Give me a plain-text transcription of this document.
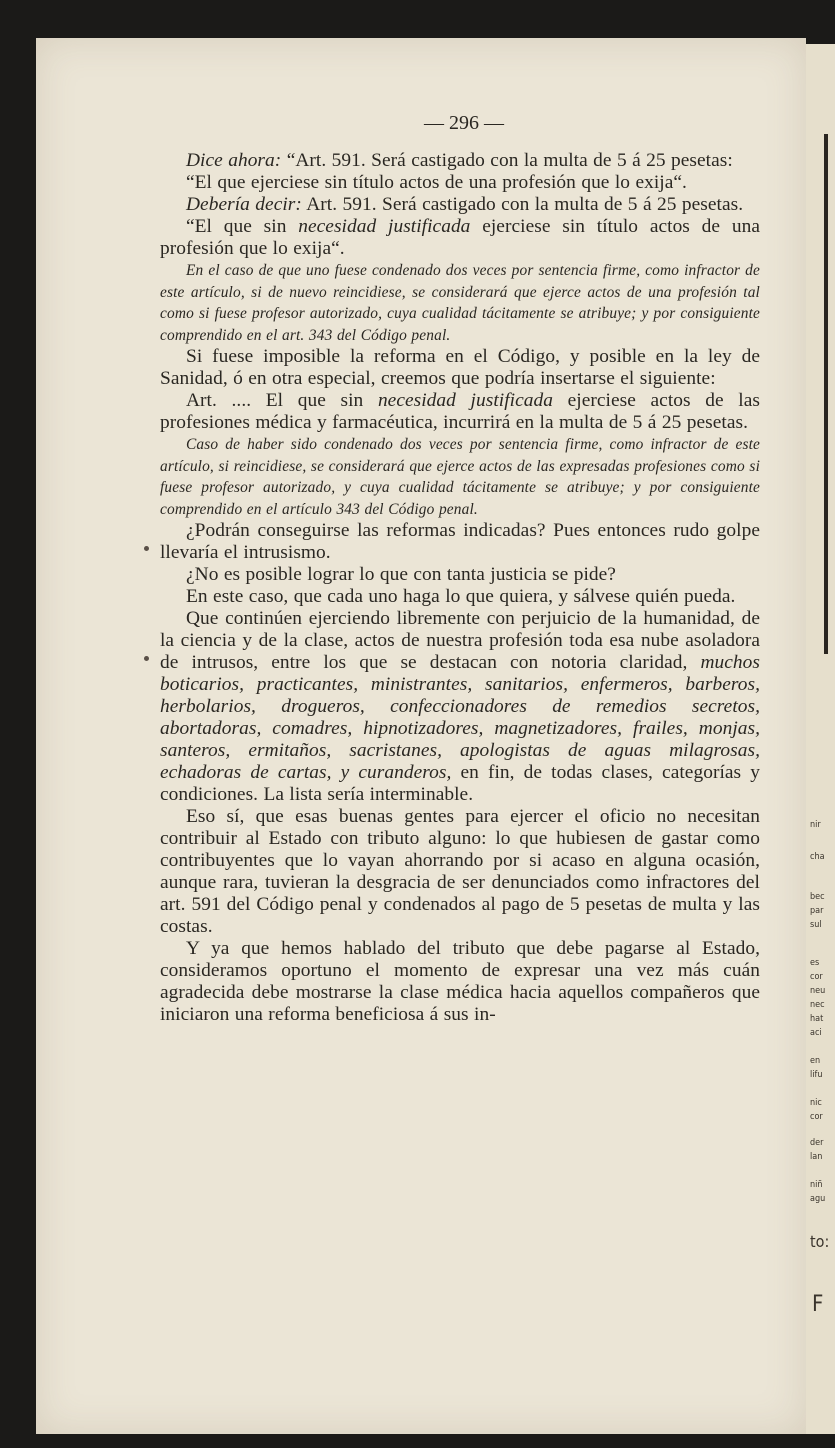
nir
cha
bec
par
sul
es
cor
neu
nec
hat
aci
en
lifu
nic
cor
der
lan
niñ
agu
to:
F
— 296 —

Dice ahora: “Art. 591. Será castigado con la multa de 5 á 25 pesetas:

“El que ejerciese sin título actos de una profesión que lo exija“.

Debería decir: Art. 591. Será castigado con la multa de 5 á 25 pesetas.

“El que sin necesidad justificada ejerciese sin título actos de una profesión que lo exija“.

En el caso de que uno fuese condenado dos veces por sentencia firme, como infractor de este artículo, si de nuevo reincidiese, se considerará que ejerce actos de una profesión tal como si fuese profesor autorizado, cuya cualidad tácitamente se atribuye; y por consiguiente comprendido en el art. 343 del Código penal.

Si fuese imposible la reforma en el Código, y posible en la ley de Sanidad, ó en otra especial, creemos que podría insertarse el siguiente:

Art. .... El que sin necesidad justificada ejerciese actos de las profesiones médica y farmacéutica, incurrirá en la multa de 5 á 25 pesetas.

Caso de haber sido condenado dos veces por sentencia firme, como infractor de este artículo, si reincidiese, se considerará que ejerce actos de las expresadas profesiones como si fuese profesor autorizado, y cuya cualidad tácitamente se atribuye; y por consiguiente comprendido en el artículo 343 del Código penal.

¿Podrán conseguirse las reformas indicadas? Pues entonces rudo golpe llevaría el intrusismo.

¿No es posible lograr lo que con tanta justicia se pide?

En este caso, que cada uno haga lo que quiera, y sálvese quién pueda.

Que continúen ejerciendo libremente con perjuicio de la humanidad, de la ciencia y de la clase, actos de nuestra profesión toda esa nube asoladora de intrusos, entre los que se destacan con notoria claridad, muchos boticarios, practicantes, ministrantes, sanitarios, enfermeros, barberos, herbolarios, drogueros, confeccionadores de remedios secretos, abortadoras, comadres, hipnotizadores, magnetizadores, frailes, monjas, santeros, ermitaños, sacristanes, apologistas de aguas milagrosas, echadoras de cartas, y curanderos, en fin, de todas clases, categorías y condiciones. La lista sería interminable.

Eso sí, que esas buenas gentes para ejercer el oficio no necesitan contribuir al Estado con tributo alguno: lo que hubiesen de gastar como contribuyentes que lo vayan ahorrando por si acaso en alguna ocasión, aunque rara, tuvieran la desgracia de ser denunciados como infractores del art. 591 del Código penal y condenados al pago de 5 pesetas de multa y las costas.

Y ya que hemos hablado del tributo que debe pagarse al Estado, consideramos oportuno el momento de expresar una vez más cuán agradecida debe mostrarse la clase médica hacia aquellos compañeros que iniciaron una reforma beneficiosa á sus in-
